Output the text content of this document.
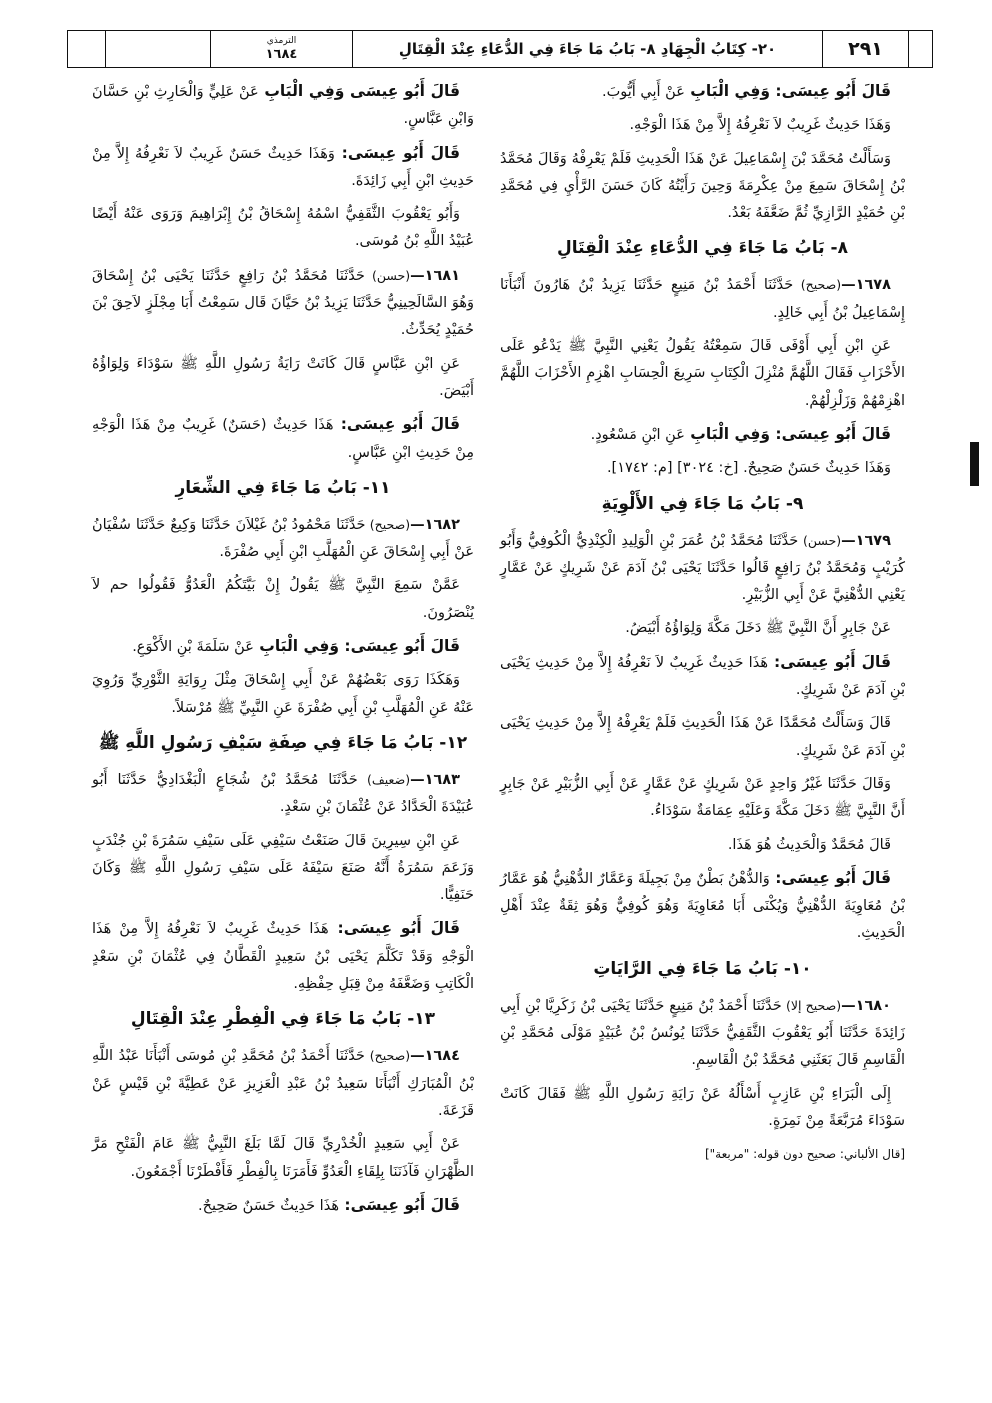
الترمذي
١٦٨٤	٢٠- كِتَابُ الْجِهَادِ ٨- بَابُ مَا جَاءَ فِي الدُّعَاءِ عِنْدَ الْقِتَالِ	٢٩١
قَالَ أَبُو عِيسَى: وَفِي الْبَابِ عَنْ أَبِي أَيُّوبَ.
وَهَذَا حَدِيثٌ غَرِيبٌ لاَ نَعْرِفُهُ إِلاَّ مِنْ هَذَا الْوَجْهِ.
وَسَأَلْتُ مُحَمَّدَ بْنَ إِسْمَاعِيلَ عَنْ هَذَا الْحَدِيثِ فَلَمْ يَعْرِفْهُ وَقَالَ مُحَمَّدُ بْنُ إِسْحَاقَ سَمِعَ مِنْ عِكْرِمَةَ وَحِينَ رَأَيْتُهُ كَانَ حَسَنَ الرَّأْيِ فِي مُحَمَّدِ بْنِ حُمَيْدٍ الرَّازِيِّ ثُمَّ ضَعَّفَهُ بَعْدُ.
٨- بَابُ مَا جَاءَ فِي الدُّعَاءِ عِنْدَ الْقِتَالِ
١٦٧٨—(صحيح) حَدَّثَنَا أَحْمَدُ بْنُ مَنِيعٍ حَدَّثَنَا يَزِيدُ بْنُ هَارُونَ أَنْبَأَنَا إِسْمَاعِيلُ بْنُ أَبِي خَالِدٍ.
عَنِ ابْنِ أَبِي أَوْفَى قَالَ سَمِعْتُهُ يَقُولُ يَعْنِي النَّبِيَّ ﷺ يَدْعُو عَلَى الأَحْزَابِ فَقَالَ اللَّهُمَّ مُنْزِلَ الْكِتَابِ سَرِيعَ الْحِسَابِ اهْزِمِ الأَحْزَابَ اللَّهُمَّ اهْزِمْهُمْ وَزَلْزِلْهُمْ.
قَالَ أَبُو عِيسَى: وَفِي الْبَابِ عَنِ ابْنِ مَسْعُودٍ.
وَهَذَا حَدِيثٌ حَسَنٌ صَحِيحٌ. [خ: ٣٠٢٤] [م: ١٧٤٢].
٩- بَابُ مَا جَاءَ فِي الأَلْوِيَةِ
١٦٧٩—(حسن) حَدَّثَنَا مُحَمَّدُ بْنُ عُمَرَ بْنِ الْوَلِيدِ الْكِنْدِيُّ الْكُوفِيُّ وَأَبُو كُرَيْبٍ وَمُحَمَّدُ بْنُ رَافِعٍ قَالُوا حَدَّثَنَا يَحْيَى بْنُ آدَمَ عَنْ شَرِيكٍ عَنْ عَمَّارٍ يَعْنِي الدُّهْنِيَّ عَنْ أَبِي الزُّبَيْرِ.
عَنْ جَابِرٍ أَنَّ النَّبِيَّ ﷺ دَخَلَ مَكَّةَ وَلِوَاؤُهُ أَبْيَضُ.
قَالَ أَبُو عِيسَى: هَذَا حَدِيثٌ غَرِيبٌ لاَ نَعْرِفُهُ إِلاَّ مِنْ حَدِيثِ يَحْيَى بْنِ آدَمَ عَنْ شَرِيكٍ.
قَالَ وَسَأَلْتُ مُحَمَّدًا عَنْ هَذَا الْحَدِيثِ فَلَمْ يَعْرِفْهُ إِلاَّ مِنْ حَدِيثِ يَحْيَى بْنِ آدَمَ عَنْ شَرِيكٍ.
وَقَالَ حَدَّثَنَا غَيْرُ وَاحِدٍ عَنْ شَرِيكٍ عَنْ عَمَّارٍ عَنْ أَبِي الزُّبَيْرِ عَنْ جَابِرٍ أَنَّ النَّبِيَّ ﷺ دَخَلَ مَكَّةَ وَعَلَيْهِ عِمَامَةٌ سَوْدَاءُ.
قَالَ مُحَمَّدٌ وَالْحَدِيثُ هُوَ هَذَا.
قَالَ أَبُو عِيسَى: وَالدُّهْنُ بَطْنٌ مِنْ بَجِيلَةَ وَعَمَّارٌ الدُّهْنِيُّ هُوَ عَمَّارُ بْنُ مُعَاوِيَةَ الدُّهْنِيُّ وَيُكْنَى أَبَا مُعَاوِيَةَ وَهُوَ كُوفِيٌّ وَهُوَ ثِقَةٌ عِنْدَ أَهْلِ الْحَدِيثِ.
١٠- بَابُ مَا جَاءَ فِي الرَّايَاتِ
١٦٨٠—(صحيح إلا) حَدَّثَنَا أَحْمَدُ بْنُ مَنِيعٍ حَدَّثَنَا يَحْيَى بْنُ زَكَرِيَّا بْنِ أَبِي زَائِدَةَ حَدَّثَنَا أَبُو يَعْقُوبَ الثَّقَفِيُّ حَدَّثَنَا يُونُسُ بْنُ عُبَيْدٍ مَوْلَى مُحَمَّدِ بْنِ الْقَاسِمِ قَالَ بَعَثَنِي مُحَمَّدُ بْنُ الْقَاسِمِ.
إِلَى الْبَرَاءِ بْنِ عَازِبٍ أَسْأَلُهُ عَنْ رَايَةِ رَسُولِ اللَّهِ ﷺ فَقَالَ كَانَتْ سَوْدَاءَ مُرَبَّعَةً مِنْ نَمِرَةٍ.
[قال الألباني: صحيح دون قوله: "مربعة"]
قَالَ أَبُو عِيسَى وَفِي الْبَابِ عَنْ عَلِيٍّ وَالْحَارِثِ بْنِ حَسَّانَ وَابْنِ عَبَّاسٍ.
قَالَ أَبُو عِيسَى: وَهَذَا حَدِيثٌ حَسَنٌ غَرِيبٌ لاَ نَعْرِفُهُ إِلاَّ مِنْ حَدِيثِ ابْنِ أَبِي زَائِدَةَ.
وَأَبُو يَعْقُوبَ الثَّقَفِيُّ اسْمُهُ إِسْحَاقُ بْنُ إِبْرَاهِيمَ وَرَوَى عَنْهُ أَيْضًا عُبَيْدُ اللَّهِ بْنُ مُوسَى.
١٦٨١—(حسن) حَدَّثَنَا مُحَمَّدُ بْنُ رَافِعٍ حَدَّثَنَا يَحْيَى بْنُ إِسْحَاقَ وَهُوَ السَّالَحِينِيُّ حَدَّثَنَا يَزِيدُ بْنُ حَيَّانَ قَال سَمِعْتُ أَبَا مِجْلَزٍ لاَحِقَ بْنَ حُمَيْدٍ يُحَدِّثُ.
عَنِ ابْنِ عَبَّاسٍ قَالَ كَانَتْ رَايَةُ رَسُولِ اللَّهِ ﷺ سَوْدَاءَ وَلِوَاؤُهُ أَبْيَضَ.
قَالَ أَبُو عِيسَى: هَذَا حَدِيثٌ (حَسَنٌ) غَرِيبٌ مِنْ هَذَا الْوَجْهِ مِنْ حَدِيثِ ابْنِ عَبَّاسٍ.
١١- بَابُ مَا جَاءَ فِي الشِّعَارِ
١٦٨٢—(صحيح) حَدَّثَنَا مَحْمُودُ بْنُ غَيْلاَنَ حَدَّثَنَا وَكِيعٌ حَدَّثَنَا سُفْيَانُ عَنْ أَبِي إِسْحَاقَ عَنِ الْمُهَلَّبِ ابْنِ أَبِي صُفْرَةَ.
عَمَّنْ سَمِعَ النَّبِيَّ ﷺ يَقُولُ إِنْ بَيَّتَكُمُ الْعَدُوُّ فَقُولُوا حم لاَ يُنْصَرُونَ.
قَالَ أَبُو عِيسَى: وَفِي الْبَابِ عَنْ سَلَمَةَ بْنِ الأَكْوَعِ.
وَهَكَذَا رَوَى بَعْضُهُمْ عَنْ أَبِي إِسْحَاقَ مِثْلَ رِوَايَةِ الثَّوْرِيِّ وَرُوِيَ عَنْهُ عَنِ الْمُهَلَّبِ بْنِ أَبِي صُفْرَةَ عَنِ النَّبِيِّ ﷺ مُرْسَلاً.
١٢- بَابُ مَا جَاءَ فِي صِفَةِ سَيْفِ رَسُولِ اللَّهِ ﷺ
١٦٨٣—(ضعيف) حَدَّثَنَا مُحَمَّدُ بْنُ شُجَاعٍ الْبَغْدَادِيُّ حَدَّثَنَا أَبُو عُبَيْدَةَ الْحَدَّادُ عَنْ عُثْمَانَ بْنِ سَعْدٍ.
عَنِ ابْنِ سِيرِينَ قَالَ صَنَعْتُ سَيْفِي عَلَى سَيْفِ سَمُرَةَ بْنِ جُنْدَبٍ وَزَعَمَ سَمُرَةُ أَنَّهُ صَنَعَ سَيْفَهُ عَلَى سَيْفِ رَسُولِ اللَّهِ ﷺ وَكَانَ حَنَفِيًّا.
قَالَ أَبُو عِيسَى: هَذَا حَدِيثٌ غَرِيبٌ لاَ نَعْرِفُهُ إِلاَّ مِنْ هَذَا الْوَجْهِ وَقَدْ تَكَلَّمَ يَحْيَى بْنُ سَعِيدٍ الْقَطَّانُ فِي عُثْمَانَ بْنِ سَعْدٍ الْكَاتِبِ وَضَعَّفَهُ مِنْ قِبَلِ حِفْظِهِ.
١٣- بَابُ مَا جَاءَ فِي الْفِطْرِ عِنْدَ الْقِتَالِ
١٦٨٤—(صحيح) حَدَّثَنَا أَحْمَدُ بْنُ مُحَمَّدِ بْنِ مُوسَى أَنْبَأَنَا عَبْدُ اللَّهِ بْنُ الْمُبَارَكِ أَنْبَأَنَا سَعِيدُ بْنُ عَبْدِ الْعَزِيزِ عَنْ عَطِيَّةَ بْنِ قَيْسٍ عَنْ قَزَعَةَ.
عَنْ أَبِي سَعِيدٍ الْخُدْرِيِّ قَالَ لَمَّا بَلَغَ النَّبِيُّ ﷺ عَامَ الْفَتْحِ مَرَّ الظَّهْرَانِ فَآذَنَنَا بِلِقَاءِ الْعَدُوِّ فَأَمَرَنَا بِالْفِطْرِ فَأَفْطَرْنَا أَجْمَعُونَ.
قَالَ أَبُو عِيسَى: هَذَا حَدِيثٌ حَسَنٌ صَحِيحٌ.
